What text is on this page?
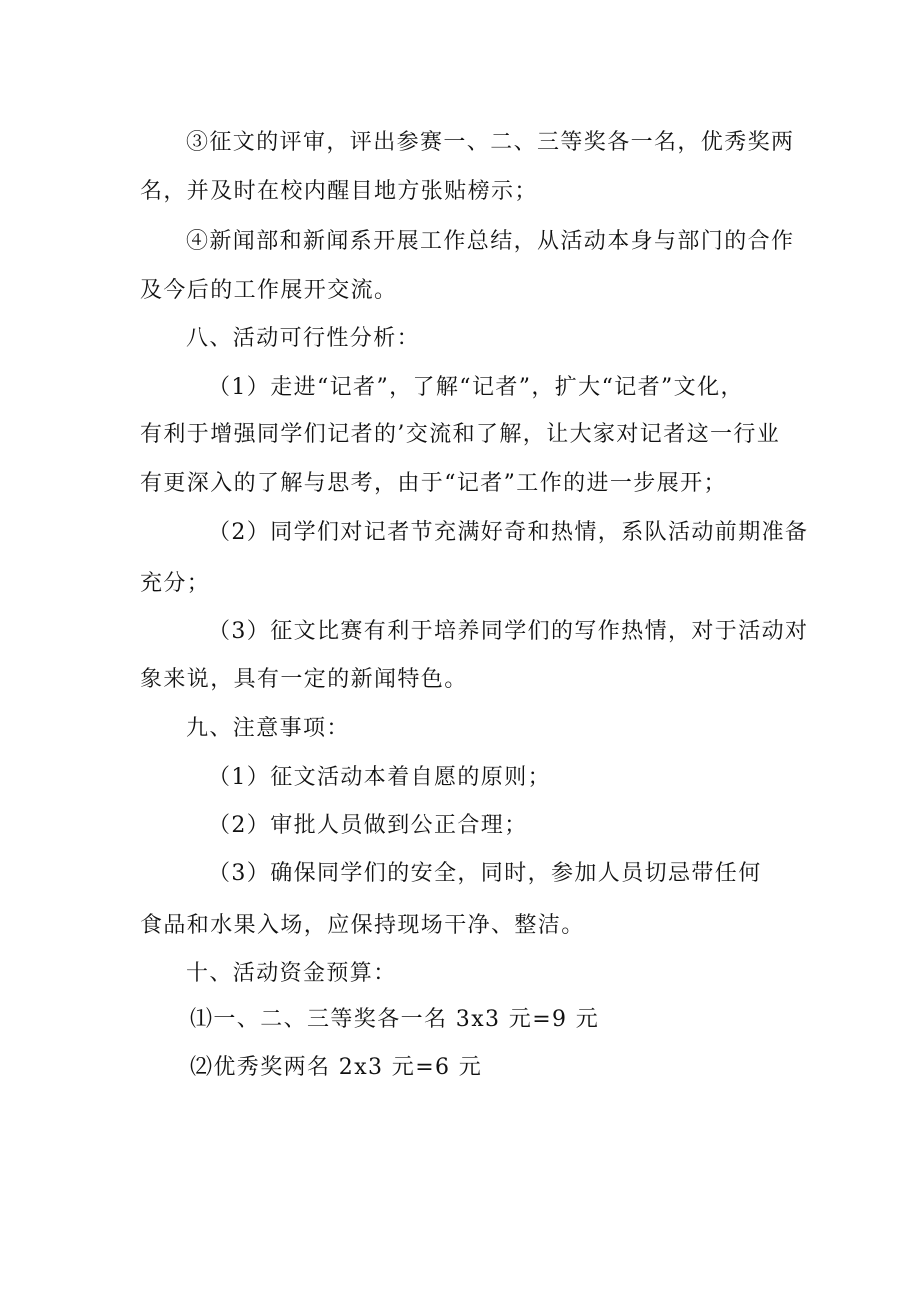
③征文的评审，评出参赛一、二、三等奖各一名，优秀奖两
名，并及时在校内醒目地方张贴榜示；
④新闻部和新闻系开展工作总结，从活动本身与部门的合作
及今后的工作展开交流。
八、活动可行性分析：
（1）走进“记者”，了解“记者”，扩大“记者”文化，
有利于增强同学们记者的’交流和了解，让大家对记者这一行业
有更深入的了解与思考，由于“记者”工作的进一步展开；
（2）同学们对记者节充满好奇和热情，系队活动前期准备
充分；
（3）征文比赛有利于培养同学们的写作热情，对于活动对
象来说，具有一定的新闻特色。
九、注意事项：
（1）征文活动本着自愿的原则；
（2）审批人员做到公正合理；
（3）确保同学们的安全，同时，参加人员切忌带任何
食品和水果入场，应保持现场干净、整洁。
十、活动资金预算：
⑴一、二、三等奖各一名 3x3 元=9 元
⑵优秀奖两名 2x3 元=6 元
